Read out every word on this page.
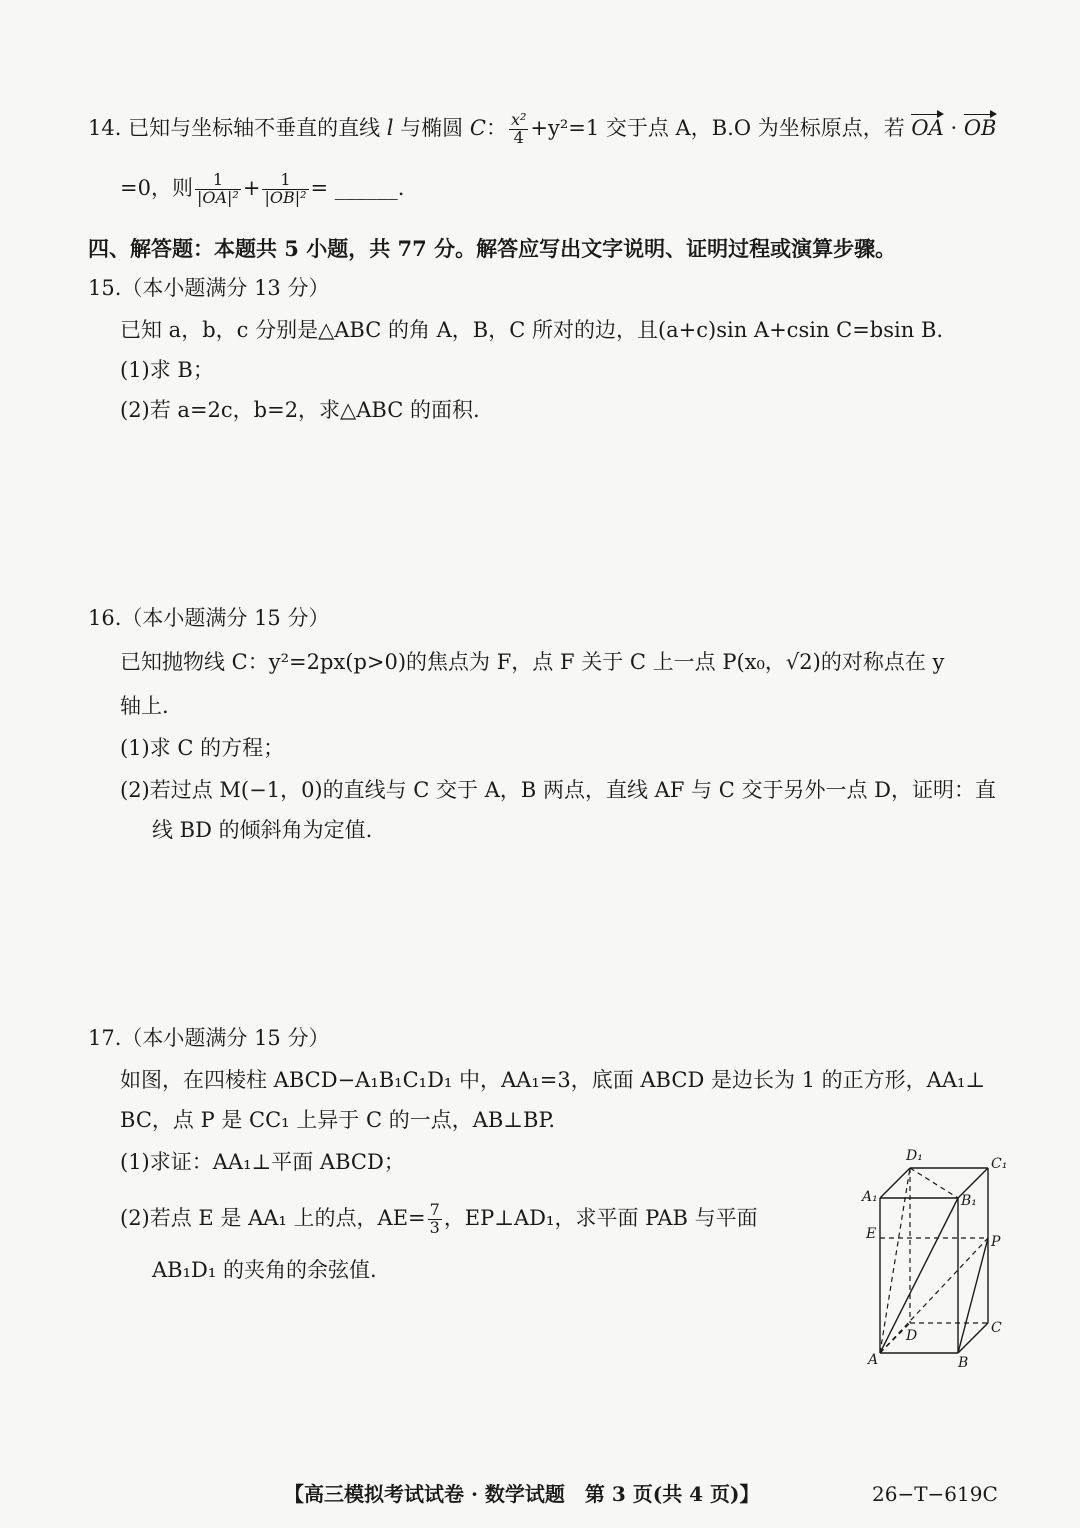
14. 已知与坐标轴不垂直的直线 l 与椭圆 C： $\frac{\text{x²}}{4} +y^2=1$ 交于点 A，B.O 为坐标原点，若 OA · OB
=0，则 $\frac{1}{\text{|OA|²}} + \frac{1}{\text{|OB|²}}$ = ______.
四、解答题：本题共 5 小题，共 77 分。解答应写出文字说明、证明过程或演算步骤。
15.（本小题满分 13 分）
已知 a，b，c 分别是△ABC 的角 A，B，C 所对的边，且(a+c)sin A+csin C=bsin B.
(1)求 B；
(2)若 a=2c，b=2，求△ABC 的面积.
16.（本小题满分 15 分）
已知抛物线 C：y²=2px(p>0)的焦点为 F，点 F 关于 C 上一点 P(x₀，√2)的对称点在 y
轴上.
(1)求 C 的方程；
(2)若过点 M(−1，0)的直线与 C 交于 A，B 两点，直线 AF 与 C 交于另外一点 D，证明：直
线 BD 的倾斜角为定值.
17.（本小题满分 15 分）
如图，在四棱柱 ABCD−A₁B₁C₁D₁ 中，AA₁=3，底面 ABCD 是边长为 1 的正方形，AA₁⊥
BC，点 P 是 CC₁ 上异于 C 的一点，AB⊥BP.
(1)求证：AA₁⊥平面 ABCD；
(2)若点 E 是 AA₁ 上的点，$AE= \frac{7}{3}$ ，EP⊥AD₁，求平面 PAB 与平面
AB₁D₁ 的夹角的余弦值.
D₁	C₁
A₁	B₁
E	P
D	C
A	B
【高三模拟考试试卷 · 数学试题　第 3 页(共 4 页)】	26−T−619C
